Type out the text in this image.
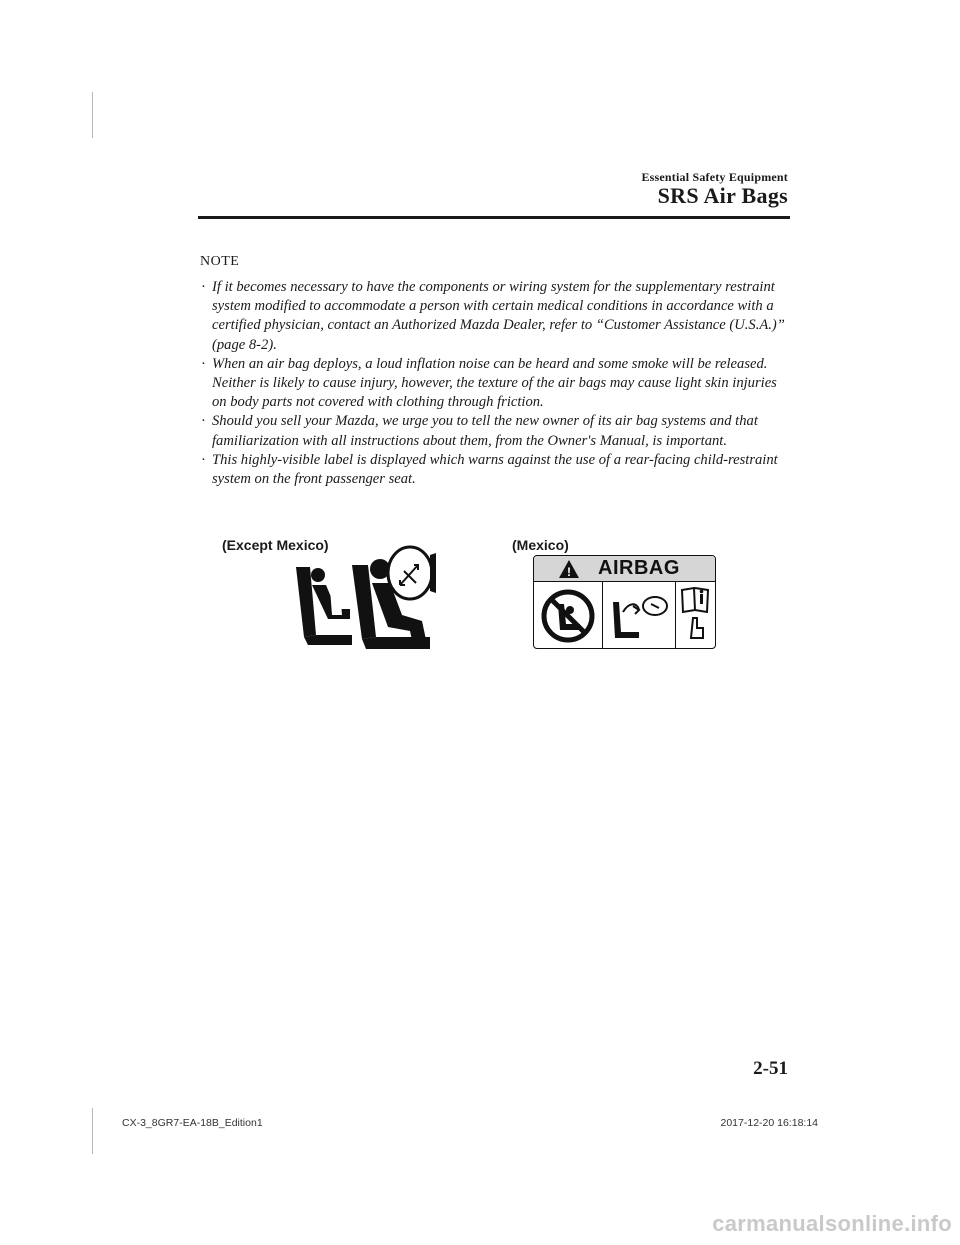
Essential Safety Equipment
SRS Air Bags
NOTE
· If it becomes necessary to have the components or wiring system for the supplementary restraint system modified to accommodate a person with certain medical conditions in accordance with a certified physician, contact an Authorized Mazda Dealer, refer to “Customer Assistance (U.S.A.)” (page 8-2).
· When an air bag deploys, a loud inflation noise can be heard and some smoke will be released. Neither is likely to cause injury, however, the texture of the air bags may cause light skin injuries on body parts not covered with clothing through friction.
· Should you sell your Mazda, we urge you to tell the new owner of its air bag systems and that familiarization with all instructions about them, from the Owner's Manual, is important.
· This highly-visible label is displayed which warns against the use of a rear-facing child-restraint system on the front passenger seat.
(Except Mexico)	(Mexico)
! AIRBAG
2-51
CX-3_8GR7-EA-18B_Edition1	2017-12-20 16:18:14
carmanualsonline.info
